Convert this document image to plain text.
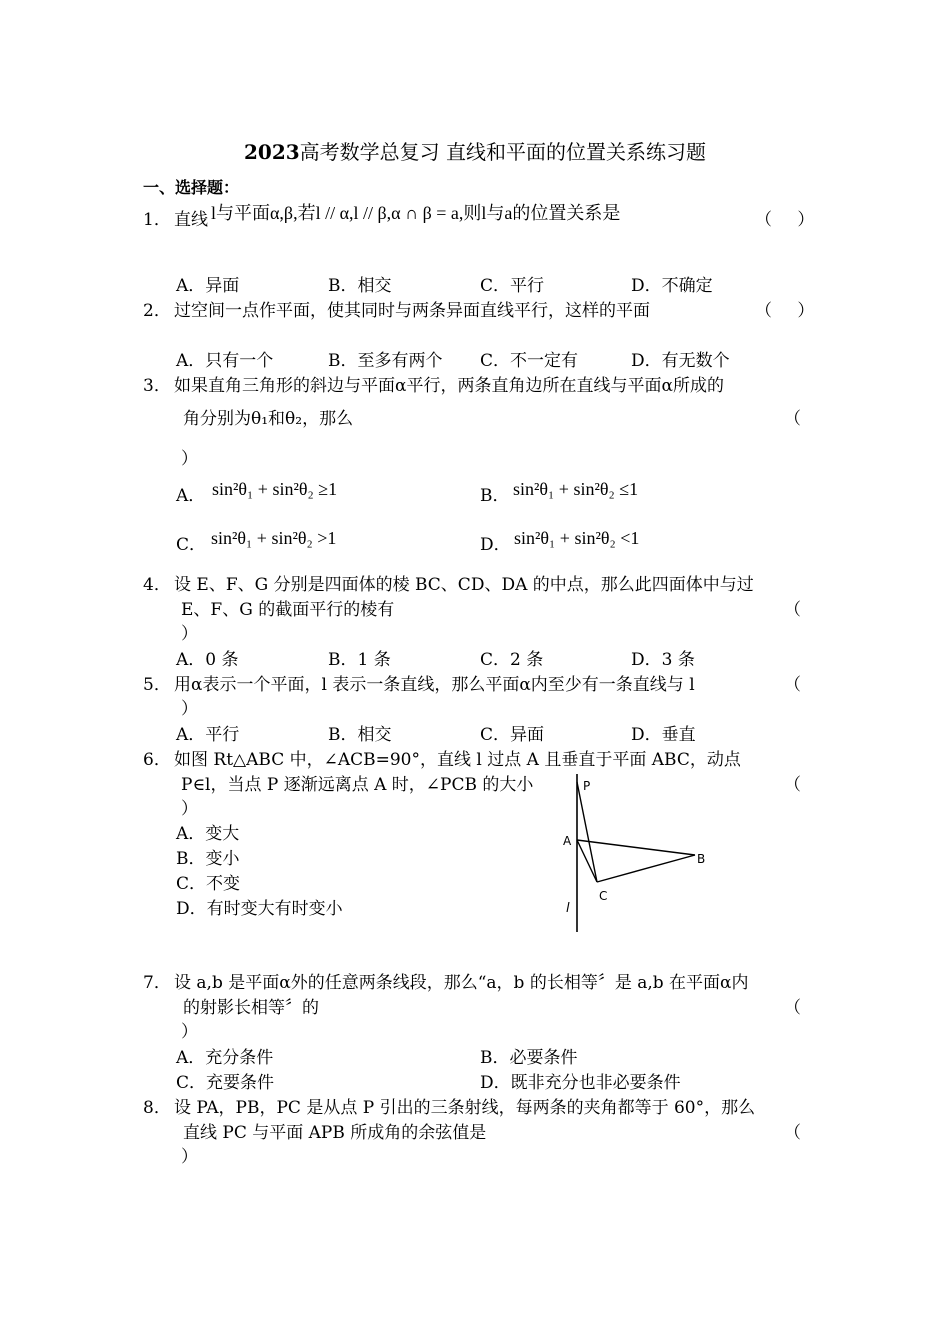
2023高考数学总复习 直线和平面的位置关系练习题
一、选择题：
1． 直线 l与平面α,β,若l // α,l // β,α ∩ β = a,则l与a的位置关系是	（ ）
A．异面	B．相交	C．平行	D．不确定
2． 过空间一点作平面，使其同时与两条异面直线平行，这样的平面	（ ）
A．只有一个	B．至多有两个 C．不一定有	D．有无数个
3． 如果直角三角形的斜边与平面α平行，两条直角边所在直线与平面α所成的
角分别为θ₁和θ₂，那么	（
）
A． sin²θ₁ + sin²θ₂ ≥1	B． sin²θ₁ + sin²θ₂ ≤1
C． sin²θ₁ + sin²θ₂ >1	D． sin²θ₁ + sin²θ₂ <1
4． 设 E、F、G 分别是四面体的棱 BC、CD、DA 的中点，那么此四面体中与过
E、F、G 的截面平行的棱有	（
）
A．0 条	B．1 条	C．2 条	D．3 条
5． 用α表示一个平面，l 表示一条直线，那么平面α内至少有一条直线与 l	（
）
A．平行	B．相交	C．异面	D．垂直
6． 如图 Rt△ABC 中，∠ACB=90°，直线 l 过点 A 且垂直于平面 ABC，动点
P∈l，当点 P 逐渐远离点 A 时，∠PCB 的大小	（
）
A．变大
B．变小
C．不变
D．有时变大有时变小
P
A
B
C
l
7． 设 a,b 是平面α外的任意两条线段，那么“a，b 的长相等〞是 a,b 在平面α内
的射影长相等〞的	（
）
A．充分条件	B．必要条件
C．充要条件	D．既非充分也非必要条件
8． 设 PA，PB，PC 是从点 P 引出的三条射线，每两条的夹角都等于 60°，那么
直线 PC 与平面 APB 所成角的余弦值是	（
）
